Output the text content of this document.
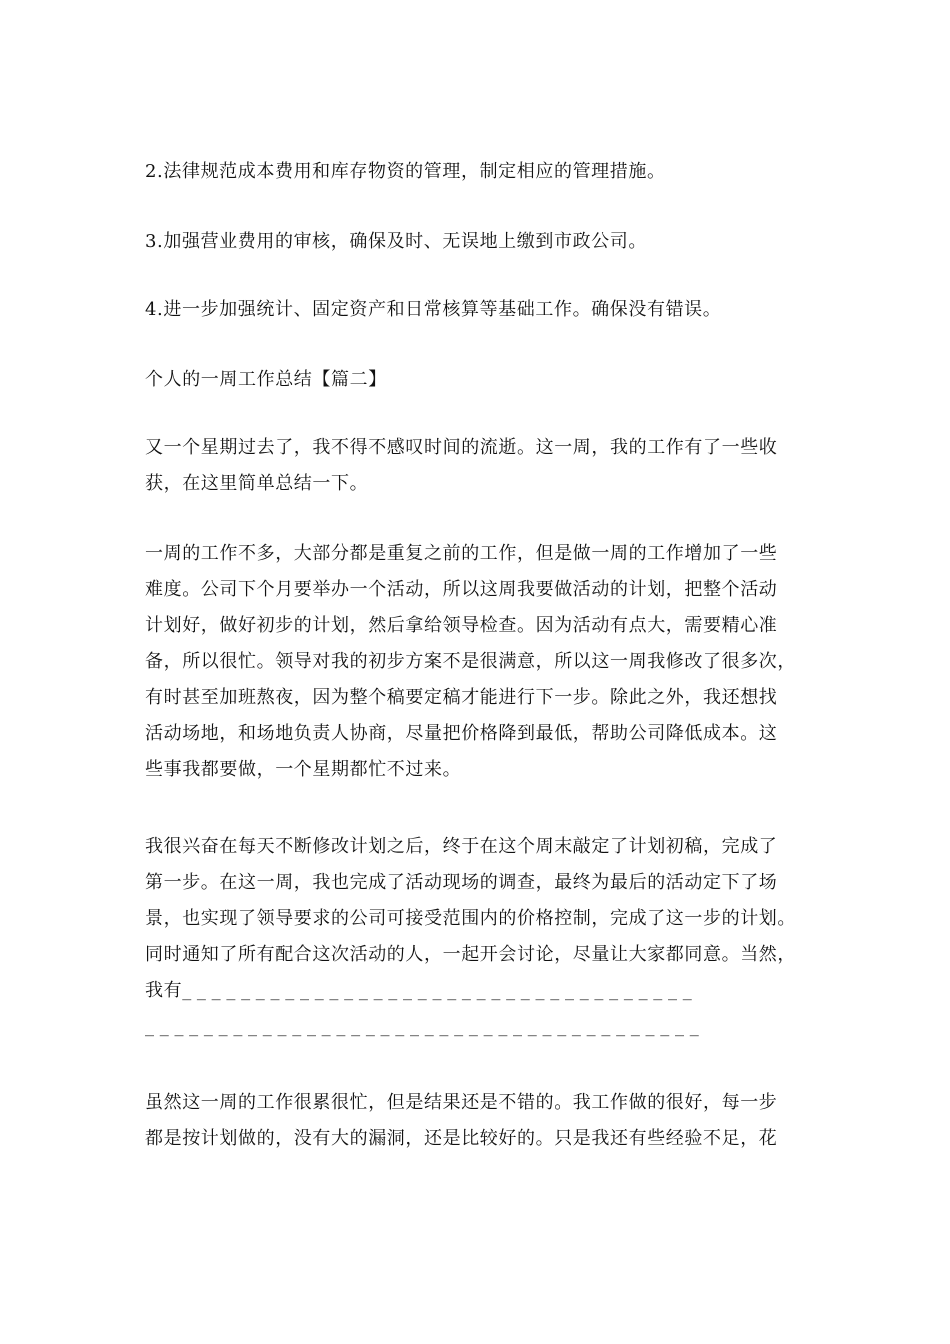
2.法律规范成本费用和库存物资的管理，制定相应的管理措施。
3.加强营业费用的审核，确保及时、无误地上缴到市政公司。
4.进一步加强统计、固定资产和日常核算等基础工作。确保没有错误。
个人的一周工作总结【篇二】
又一个星期过去了，我不得不感叹时间的流逝。这一周，我的工作有了一些收
获，在这里简单总结一下。
一周的工作不多，大部分都是重复之前的工作，但是做一周的工作增加了一些
难度。公司下个月要举办一个活动，所以这周我要做活动的计划，把整个活动
计划好，做好初步的计划，然后拿给领导检查。因为活动有点大，需要精心准
备，所以很忙。领导对我的初步方案不是很满意，所以这一周我修改了很多次，
有时甚至加班熬夜，因为整个稿要定稿才能进行下一步。除此之外，我还想找
活动场地，和场地负责人协商，尽量把价格降到最低，帮助公司降低成本。这
些事我都要做，一个星期都忙不过来。
我很兴奋在每天不断修改计划之后，终于在这个周末敲定了计划初稿，完成了
第一步。在这一周，我也完成了活动现场的调查，最终为最后的活动定下了场
景，也实现了领导要求的公司可接受范围内的价格控制，完成了这一步的计划。
同时通知了所有配合这次活动的人，一起开会讨论，尽量让大家都同意。当然，
我有_ _ _ _ _ _ _ _ _ _ _ _ _ _ _ _ _ _ _ _ _ _ _ _ _ _ _ _ _ _ _ _ _ _ _
_ _ _ _ _ _ _ _ _ _ _ _ _ _ _ _ _ _ _ _ _ _ _ _ _ _ _ _ _ _ _ _ _ _ _ _ _ _
虽然这一周的工作很累很忙，但是结果还是不错的。我工作做的很好，每一步
都是按计划做的，没有大的漏洞，还是比较好的。只是我还有些经验不足，花
